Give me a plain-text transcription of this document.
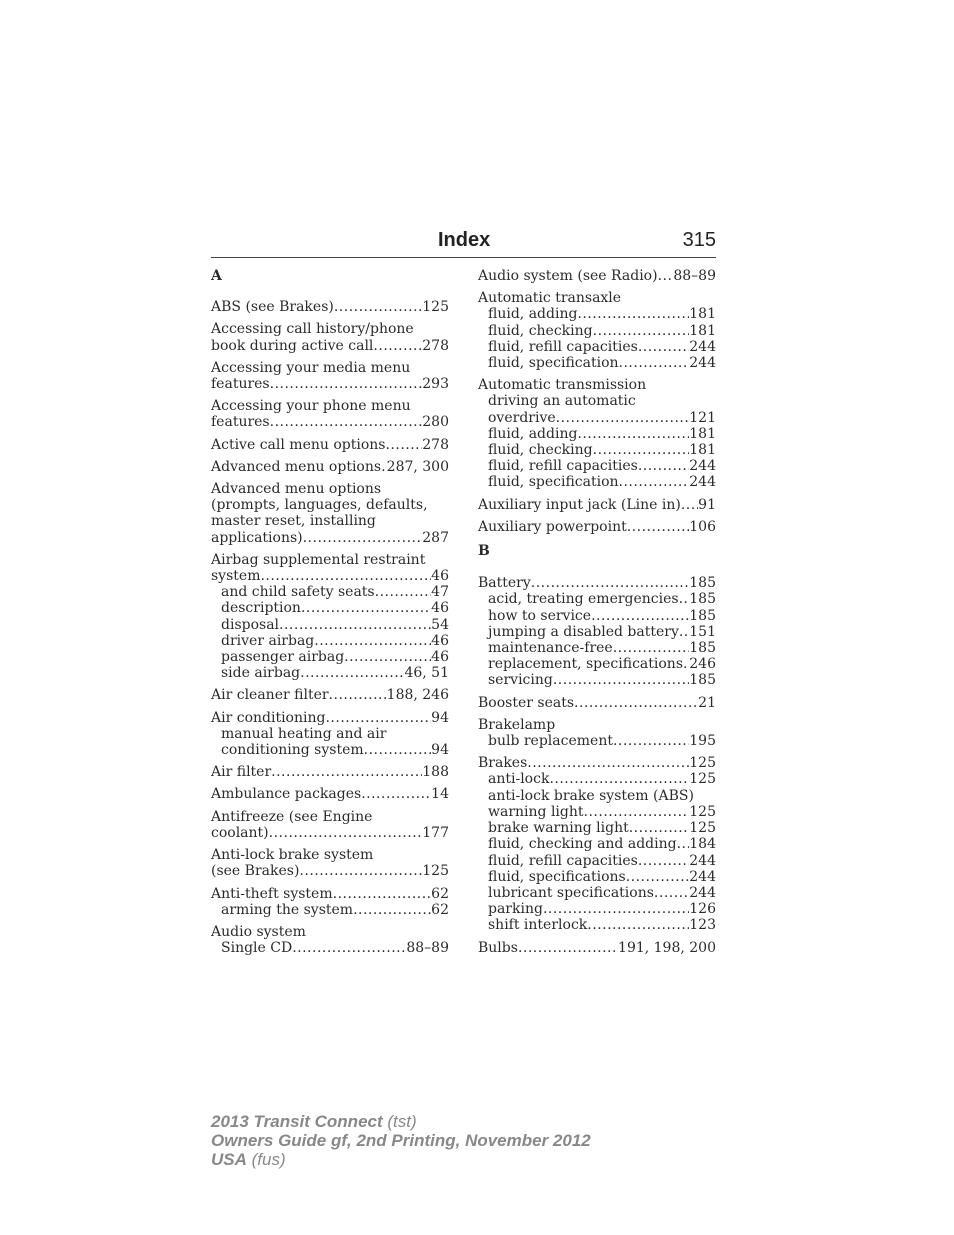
Index	315
A
ABS (see Brakes) .....	125
Accessing call history/phone
book during active call .....	278
Accessing your media menu
features .....	293
Accessing your phone menu
features .....	280
Active call menu options .....	278
Advanced menu options ..... 287, 300
Advanced menu options
(prompts, languages, defaults,
master reset, installing
applications) .....	287
Airbag supplemental restraint
system .....	46
and child safety seats .....	47
description .....	46
disposal .....	54
driver airbag .....	46
passenger airbag .....	46
side airbag .....	46, 51
Air cleaner filter .....	188, 246
Air conditioning .....	94
manual heating and air
conditioning system .....	94
Air filter .....	188
Ambulance packages .....	14
Antifreeze (see Engine
coolant) .....	177
Anti-lock brake system
(see Brakes) .....	125
Anti-theft system .....	62
arming the system .....	62
Audio system
Single CD .....	88–89
Audio system (see Radio) ..... 88–89
Automatic transaxle
fluid, adding .....	181
fluid, checking .....	181
fluid, refill capacities .....	244
fluid, specification .....	244
Automatic transmission
driving an automatic
overdrive .....	121
fluid, adding .....	181
fluid, checking .....	181
fluid, refill capacities .....	244
fluid, specification .....	244
Auxiliary input jack (Line in) ..... 91
Auxiliary powerpoint .....	106
B
Battery .....	185
acid, treating emergencies ..... 185
how to service .....	185
jumping a disabled battery ..... 151
maintenance-free .....	185
replacement, specifications ..... 246
servicing .....	185
Booster seats .....	21
Brakelamp
bulb replacement .....	195
Brakes .....	125
anti-lock .....	125
anti-lock brake system (ABS)
warning light .....	125
brake warning light .....	125
fluid, checking and adding ..... 184
fluid, refill capacities .....	244
fluid, specifications .....	244
lubricant specifications .....	244
parking .....	126
shift interlock .....	123
Bulbs .....	191, 198, 200
2013 Transit Connect (tst)
Owners Guide gf, 2nd Printing, November 2012
USA (fus)
